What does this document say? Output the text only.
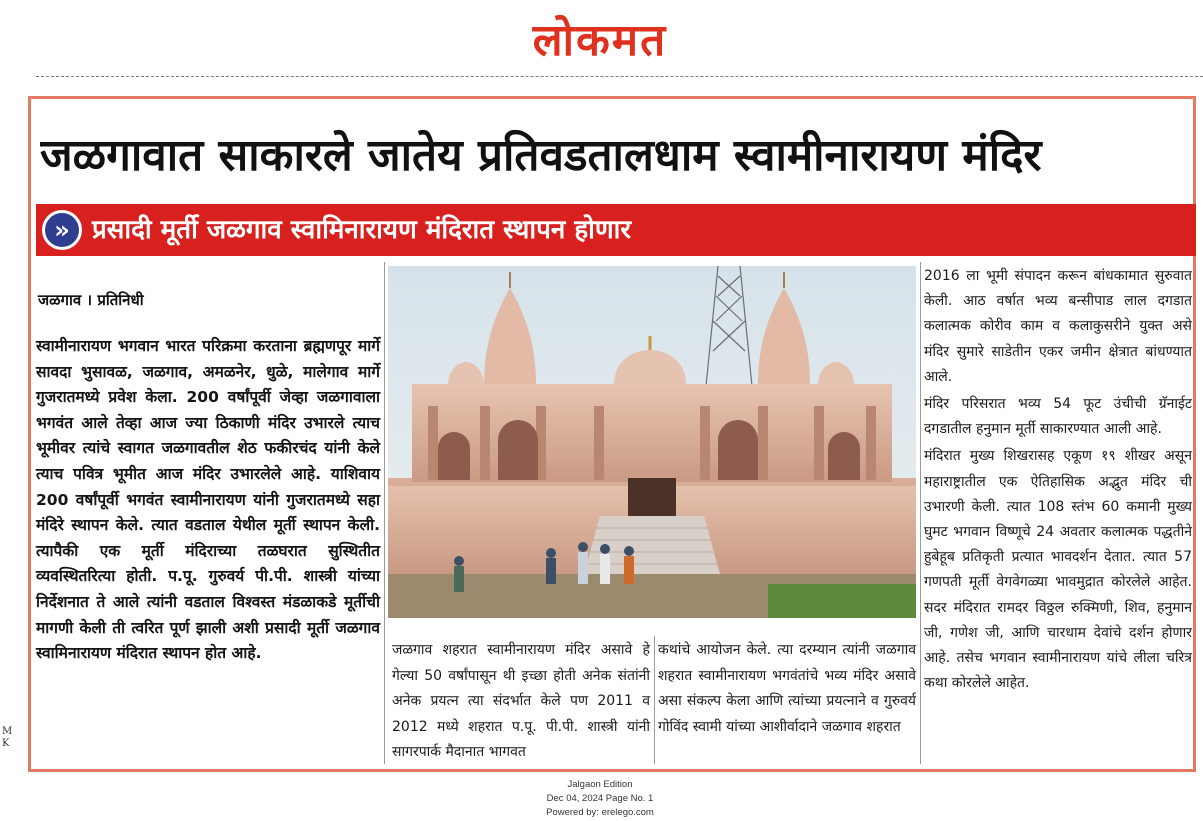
लोकमत
जळगावात साकारले जातेय प्रतिवडतालधाम स्वामीनारायण मंदिर
» प्रसादी मूर्ती जळगाव स्वामिनारायण मंदिरात स्थापन होणार
जळगाव । प्रतिनिधी
स्वामीनारायण भगवान भारत परिक्रमा करताना ब्रह्मणपूर मार्गे सावदा भुसावळ, जळगाव, अमळनेर, धुळे, मालेगाव मार्गे गुजरातमध्ये प्रवेश केला. 200 वर्षांपूर्वी जेव्हा जळगावाला भगवंत आले तेव्हा आज ज्या ठिकाणी मंदिर उभारले त्याच भूमीवर त्यांचे स्वागत जळगावतील शेठ फकीरचंद यांनी केले त्याच पवित्र भूमीत आज मंदिर उभारलेले आहे. याशिवाय 200 वर्षांपूर्वी भगवंत स्वामीनारायण यांनी गुजरातमध्ये सहा मंदिरे स्थापन केले. त्यात वडताल येथील मूर्ती स्थापन केली. त्यापैकी एक मूर्ती मंदिराच्या तळघरात सुस्थितीत व्यवस्थितरित्या होती. प.पू. गुरुवर्य पी.पी. शास्त्री यांच्या निर्देशनात ते आले त्यांनी वडताल विश्वस्त मंडळाकडे मूर्तीची मागणी केली ती त्वरित पूर्ण झाली अशी प्रसादी मूर्ती जळगाव स्वामिनारायण मंदिरात स्थापन होत आहे.	जळगाव शहरात स्वामीनारायण मंदिर असावे हे गेल्या 50 वर्षांपासून थी इच्छा होती अनेक संतांनी अनेक प्रयत्न त्या संदर्भात केले पण 2011 व 2012 मध्ये शहरात प.पू. पी.पी. शास्त्री यांनी सागरपार्क मैदानात भागवत
कथांचे आयोजन केले. त्या दरम्यान त्यांनी जळगाव शहरात स्वामीनारायण भगवंतांचे भव्य मंदिर असावे असा संकल्प केला आणि त्यांच्या प्रयत्नाने व गुरुवर्य गोविंद स्वामी यांच्या आशीर्वादाने जळगाव शहरात

2016 ला भूमी संपादन करून बांधकामात सुरुवात केली. आठ वर्षात भव्य बन्सीपाड लाल दगडात कलात्मक कोरीव काम व कलाकुसरीने युक्त असे मंदिर सुमारे साडेतीन एकर जमीन क्षेत्रात बांधण्यात आले.

मंदिर परिसरात भव्य 54 फूट उंचीची ग्रॅनाईट दगडातील हनुमान मूर्ती साकारण्यात आली आहे.

मंदिरात मुख्य शिखरासह एकूण १९ शीखर असून महाराष्ट्रातील एक ऐतिहासिक अद्भुत मंदिर ची उभारणी केली. त्यात 108 स्तंभ 60 कमानी मुख्य घुमट भगवान विष्णूचे 24 अवतार कलात्मक पद्धतीने हुबेहूब प्रतिकृती प्रत्यात भावदर्शन देतात. त्यात 57 गणपती मूर्ती वेगवेगळ्या भावमुद्रात कोरलेले आहेत. सदर मंदिरात रामदर विठ्ठल रुक्मिणी, शिव, हनुमान जी, गणेश जी, आणि चारधाम देवांचे दर्शन होणार आहे. तसेच भगवान स्वामीनारायण यांचे लीला चरित्र कथा कोरलेले आहेत.

M
K
Jalgaon Edition
Dec 04, 2024 Page No. 1
Powered by: erelego.com
